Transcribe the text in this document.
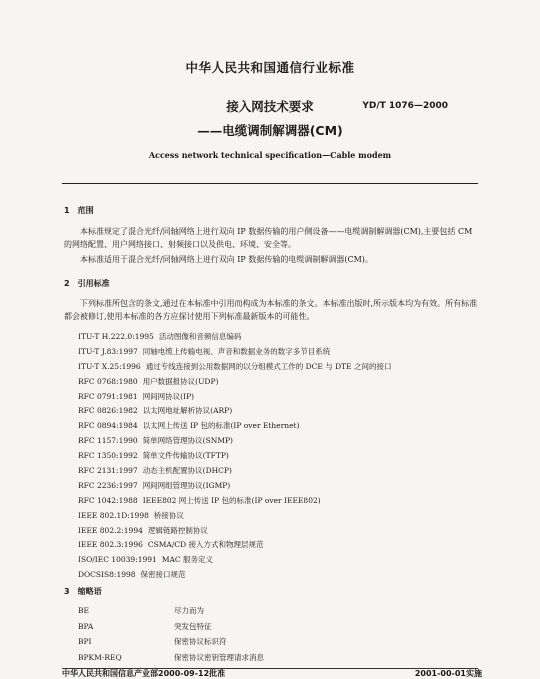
中华人民共和国通信行业标准
接入网技术要求	YD/T 1076—2000
——电缆调制解调器(CM)
Access network technical specification—Cable modem
1　范围
本标准规定了混合光纤/同轴网络上进行双向 IP 数据传输的用户侧设备——电缆调制解调器(CM),主要包括 CM 的网络配置、用户网络接口、射频接口以及供电、环境、安全等。
本标准适用于混合光纤/同轴网络上进行双向 IP 数据传输的电缆调制解调器(CM)。
2　引用标准
下列标准所包含的条文,通过在本标准中引用而构成为本标准的条文。本标准出版时,所示版本均为有效。所有标准都会被修订,使用本标准的各方应探讨使用下列标准最新版本的可能性。
ITU-T H.222.0:1995 活动图像和音频信息编码
ITU-T J.83:1997 同轴电缆上传输电视、声音和数据业务的数字多节目系统
ITU-T X.25:1996 通过专线连接到公用数据网的以分组模式工作的 DCE 与 DTE 之间的接口
RFC 0768:1980 用户数据报协议(UDP)
RFC 0791:1981 网间网协议(IP)
RFC 0826:1982 以太网地址解析协议(ARP)
RFC 0894:1984 以太网上传送 IP 包的标准(IP over Ethernet)
RFC 1157:1990 简单网络管理协议(SNMP)
RFC 1350:1992 简单文件传输协议(TFTP)
RFC 2131:1997 动态主机配置协议(DHCP)
RFC 2236:1997 网间网组管理协议(IGMP)
RFC 1042:1988 IEEE802 网上传送 IP 包的标准(IP over IEEE802)
IEEE 802.1D:1998 桥接协议
IEEE 802.2:1994 逻辑链路控制协议
IEEE 802.3:1996 CSMA/CD 接入方式和物理层规范
ISO/IEC 10039:1991 MAC 服务定义
DOCSIS8:1998 保密接口规范
3　缩略语
BE	尽力而为
BPA	突发包特征
BPI	保密协议标识符
BPKM-REQ	保密协议密钥管理请求消息
中华人民共和国信息产业部2000-09-12批准	2001-00-01实施
